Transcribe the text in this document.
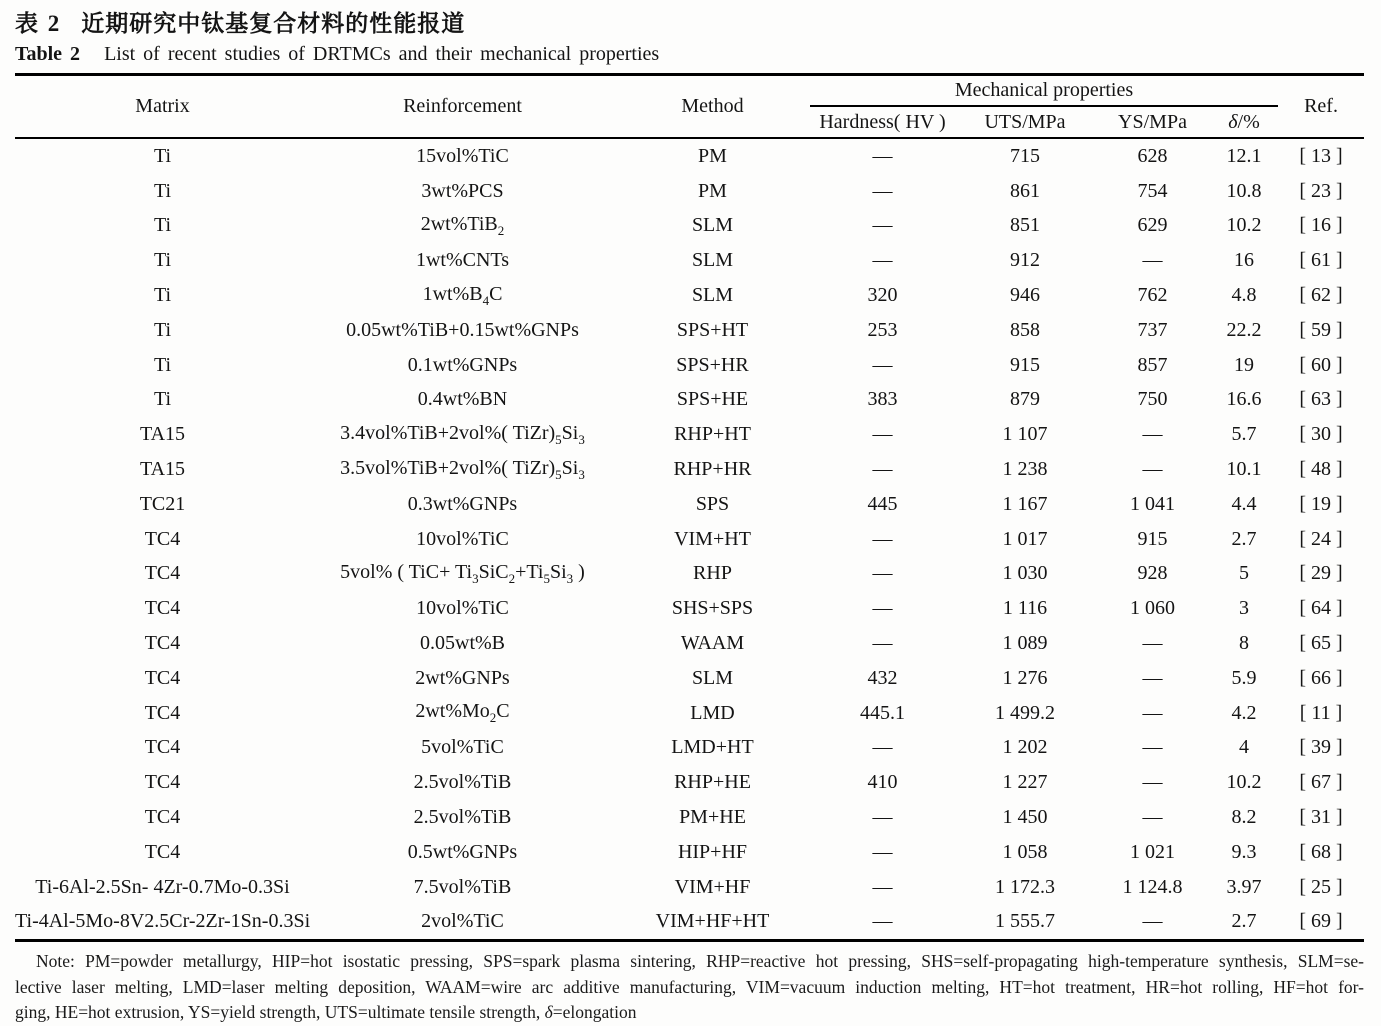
表 2 近期研究中钛基复合材料的性能报道
Table 2 List of recent studies of DRTMCs and their mechanical properties
Matrix	Reinforcement	Method	Mechanical properties				Ref.
			Hardness( HV )	UTS/MPa	YS/MPa	δ/%	
Ti	15vol%TiC	PM	—	715	628	12.1	[ 13 ]
Ti	3wt%PCS	PM	—	861	754	10.8	[ 23 ]
Ti	2wt%TiB$_2$	SLM	—	851	629	10.2	[ 16 ]
Ti	1wt%CNTs	SLM	—	912	—	16	[ 61 ]
Ti	$1wt\%B_4C$	SLM	320	946	762	4.8	[ 62 ]
Ti	0.05wt%TiB+0.15wt%GNPs	SPS+HT	253	858	737	22.2	[ 59 ]
Ti	0.1wt%GNPs	SPS+HR	—	915	857	19	[ 60 ]
Ti	0.4wt%BN	SPS+HE	383	879	750	16.6	[ 63 ]
TA15	3.4vol%TiB+2vol%( $TiZr)_5Si_3$	RHP+HT	—	1 107	—	5.7	[ 30 ]
TA15	3.5vol%TiB+2vol%( $TiZr)_5Si_3$	RHP+HR	—	1 238	—	10.1	[ 48 ]
TC21	0.3wt%GNPs	SPS	445	1 167	1 041	4.4	[ 19 ]
TC4	10vol%TiC	VIM+HT	—	1 017	915	2.7	[ 24 ]
TC4	5vol% ( $TiC+ Ti_3SiC_2+Ti_5Si_3$ )	RHP	—	1 030	928	5	[ 29 ]
TC4	10vol%TiC	SHS+SPS	—	1 116	1 060	3	[ 64 ]
TC4	0.05wt%B	WAAM	—	1 089	—	8	[ 65 ]
TC4	2wt%GNPs	SLM	432	1 276	—	5.9	[ 66 ]
TC4	$2wt\%Mo_2C$	LMD	445.1	1 499.2	—	4.2	[ 11 ]
TC4	5vol%TiC	LMD+HT	—	1 202	—	4	[ 39 ]
TC4	2.5vol%TiB	RHP+HE	410	1 227	—	10.2	[ 67 ]
TC4	2.5vol%TiB	PM+HE	—	1 450	—	8.2	[ 31 ]
TC4	0.5wt%GNPs	HIP+HF	—	1 058	1 021	9.3	[ 68 ]
Ti-6Al-2.5Sn- 4Zr-0.7Mo-0.3Si	7.5vol%TiB	VIM+HF	—	1 172.3	1 124.8	3.97	[ 25 ]
Ti-4Al-5Mo-8V2.5Cr-2Zr-1Sn-0.3Si	2vol%TiC	VIM+HF+HT	—	1 555.7	—	2.7	[ 69 ]
Note: PM=powder metallurgy, HIP=hot isostatic pressing, SPS=spark plasma sintering, RHP=reactive hot pressing, SHS=self-propagating high-temperature synthesis, SLM=se-
lective laser melting, LMD=laser melting deposition, WAAM=wire arc additive manufacturing, VIM=vacuum induction melting, HT=hot treatment, HR=hot rolling, HF=hot for-
ging, HE=hot extrusion, YS=yield strength, UTS=ultimate tensile strength, δ=elongation
